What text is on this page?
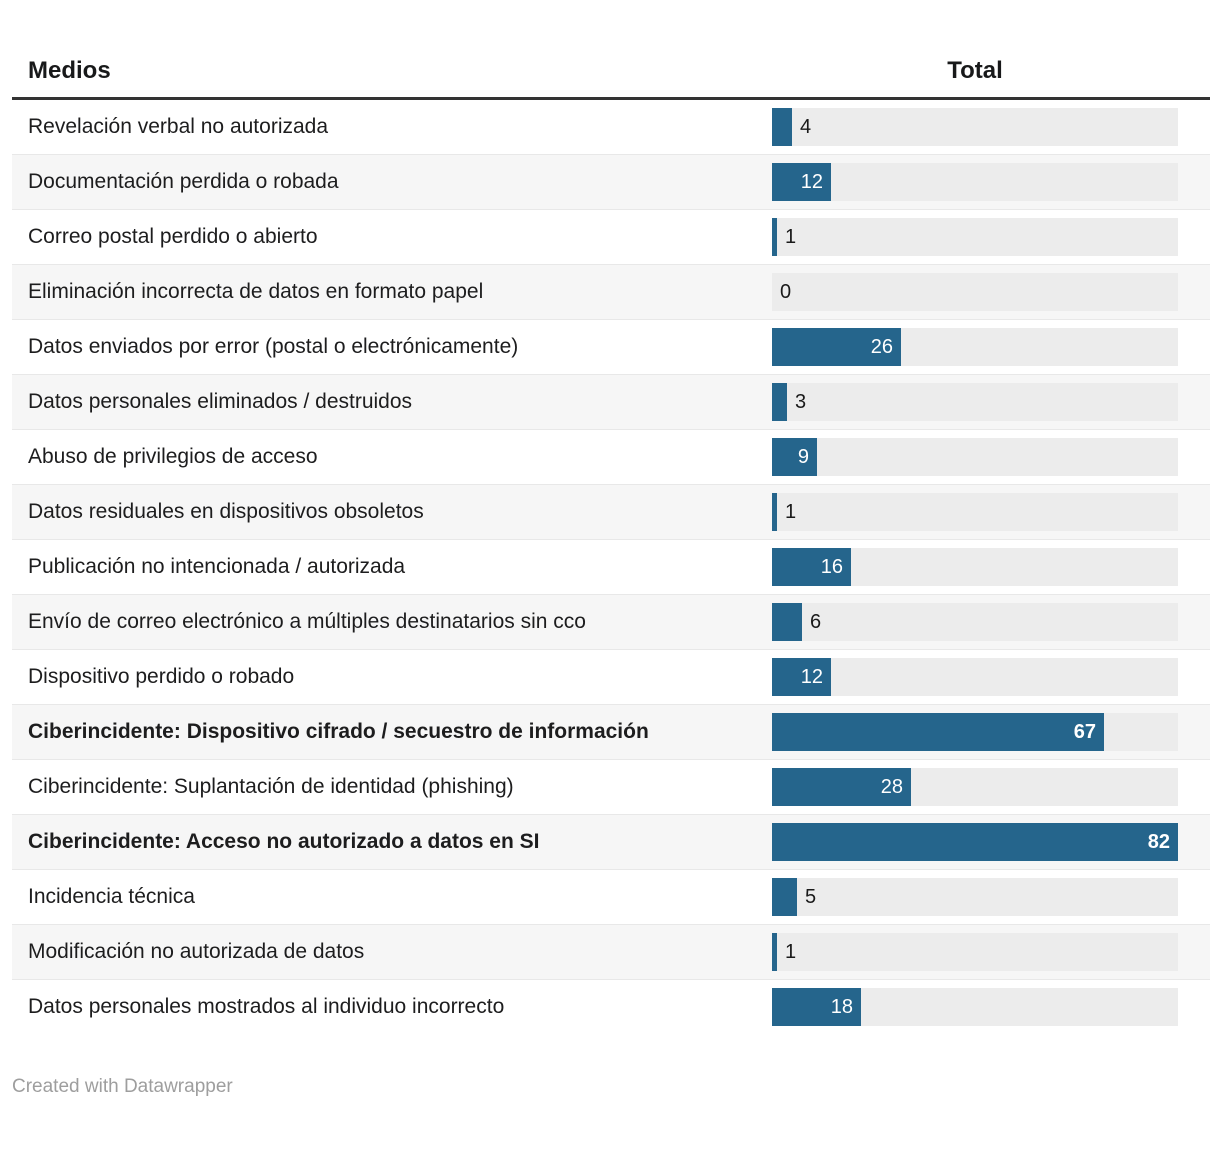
Medios	Total
Revelación verbal no autorizada	4
Documentación perdida o robada	12
Correo postal perdido o abierto	1
Eliminación incorrecta de datos en formato papel	0
Datos enviados por error (postal o electrónicamente)	26
Datos personales eliminados / destruidos	3
Abuso de privilegios de acceso	9
Datos residuales en dispositivos obsoletos	1
Publicación no intencionada / autorizada	16
Envío de correo electrónico a múltiples destinatarios sin cco	6
Dispositivo perdido o robado	12
Ciberincidente: Dispositivo cifrado / secuestro de información	67
Ciberincidente: Suplantación de identidad (phishing)	28
Ciberincidente: Acceso no autorizado a datos en SI	82
Incidencia técnica	5
Modificación no autorizada de datos	1
Datos personales mostrados al individuo incorrecto	18
Created with Datawrapper
